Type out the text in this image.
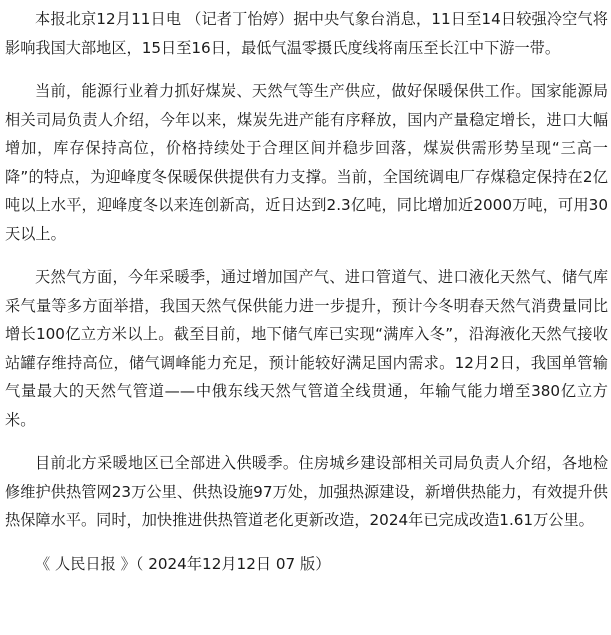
本报北京12月11日电 （记者丁怡婷）据中央气象台消息，11日至14日较强冷空气将影响我国大部地区，15日至16日，最低气温零摄氏度线将南压至长江中下游一带。

当前，能源行业着力抓好煤炭、天然气等生产供应，做好保暖保供工作。国家能源局相关司局负责人介绍，今年以来，煤炭先进产能有序释放，国内产量稳定增长，进口大幅增加，库存保持高位，价格持续处于合理区间并稳步回落，煤炭供需形势呈现“三高一降”的特点，为迎峰度冬保暖保供提供有力支撑。当前，全国统调电厂存煤稳定保持在2亿吨以上水平，迎峰度冬以来连创新高，近日达到2.3亿吨，同比增加近2000万吨，可用30天以上。

天然气方面，今年采暖季，通过增加国产气、进口管道气、进口液化天然气、储气库采气量等多方面举措，我国天然气保供能力进一步提升，预计今冬明春天然气消费量同比增长100亿立方米以上。截至目前，地下储气库已实现“满库入冬”，沿海液化天然气接收站罐存维持高位，储气调峰能力充足，预计能较好满足国内需求。12月2日，我国单管输气量最大的天然气管道——中俄东线天然气管道全线贯通，年输气能力增至380亿立方米。

目前北方采暖地区已全部进入供暖季。住房城乡建设部相关司局负责人介绍，各地检修维护供热管网23万公里、供热设施97万处，加强热源建设，新增供热能力，有效提升供热保障水平。同时，加快推进供热管道老化更新改造，2024年已完成改造1.61万公里。

《 人民日报 》（ 2024年12月12日 07 版）
